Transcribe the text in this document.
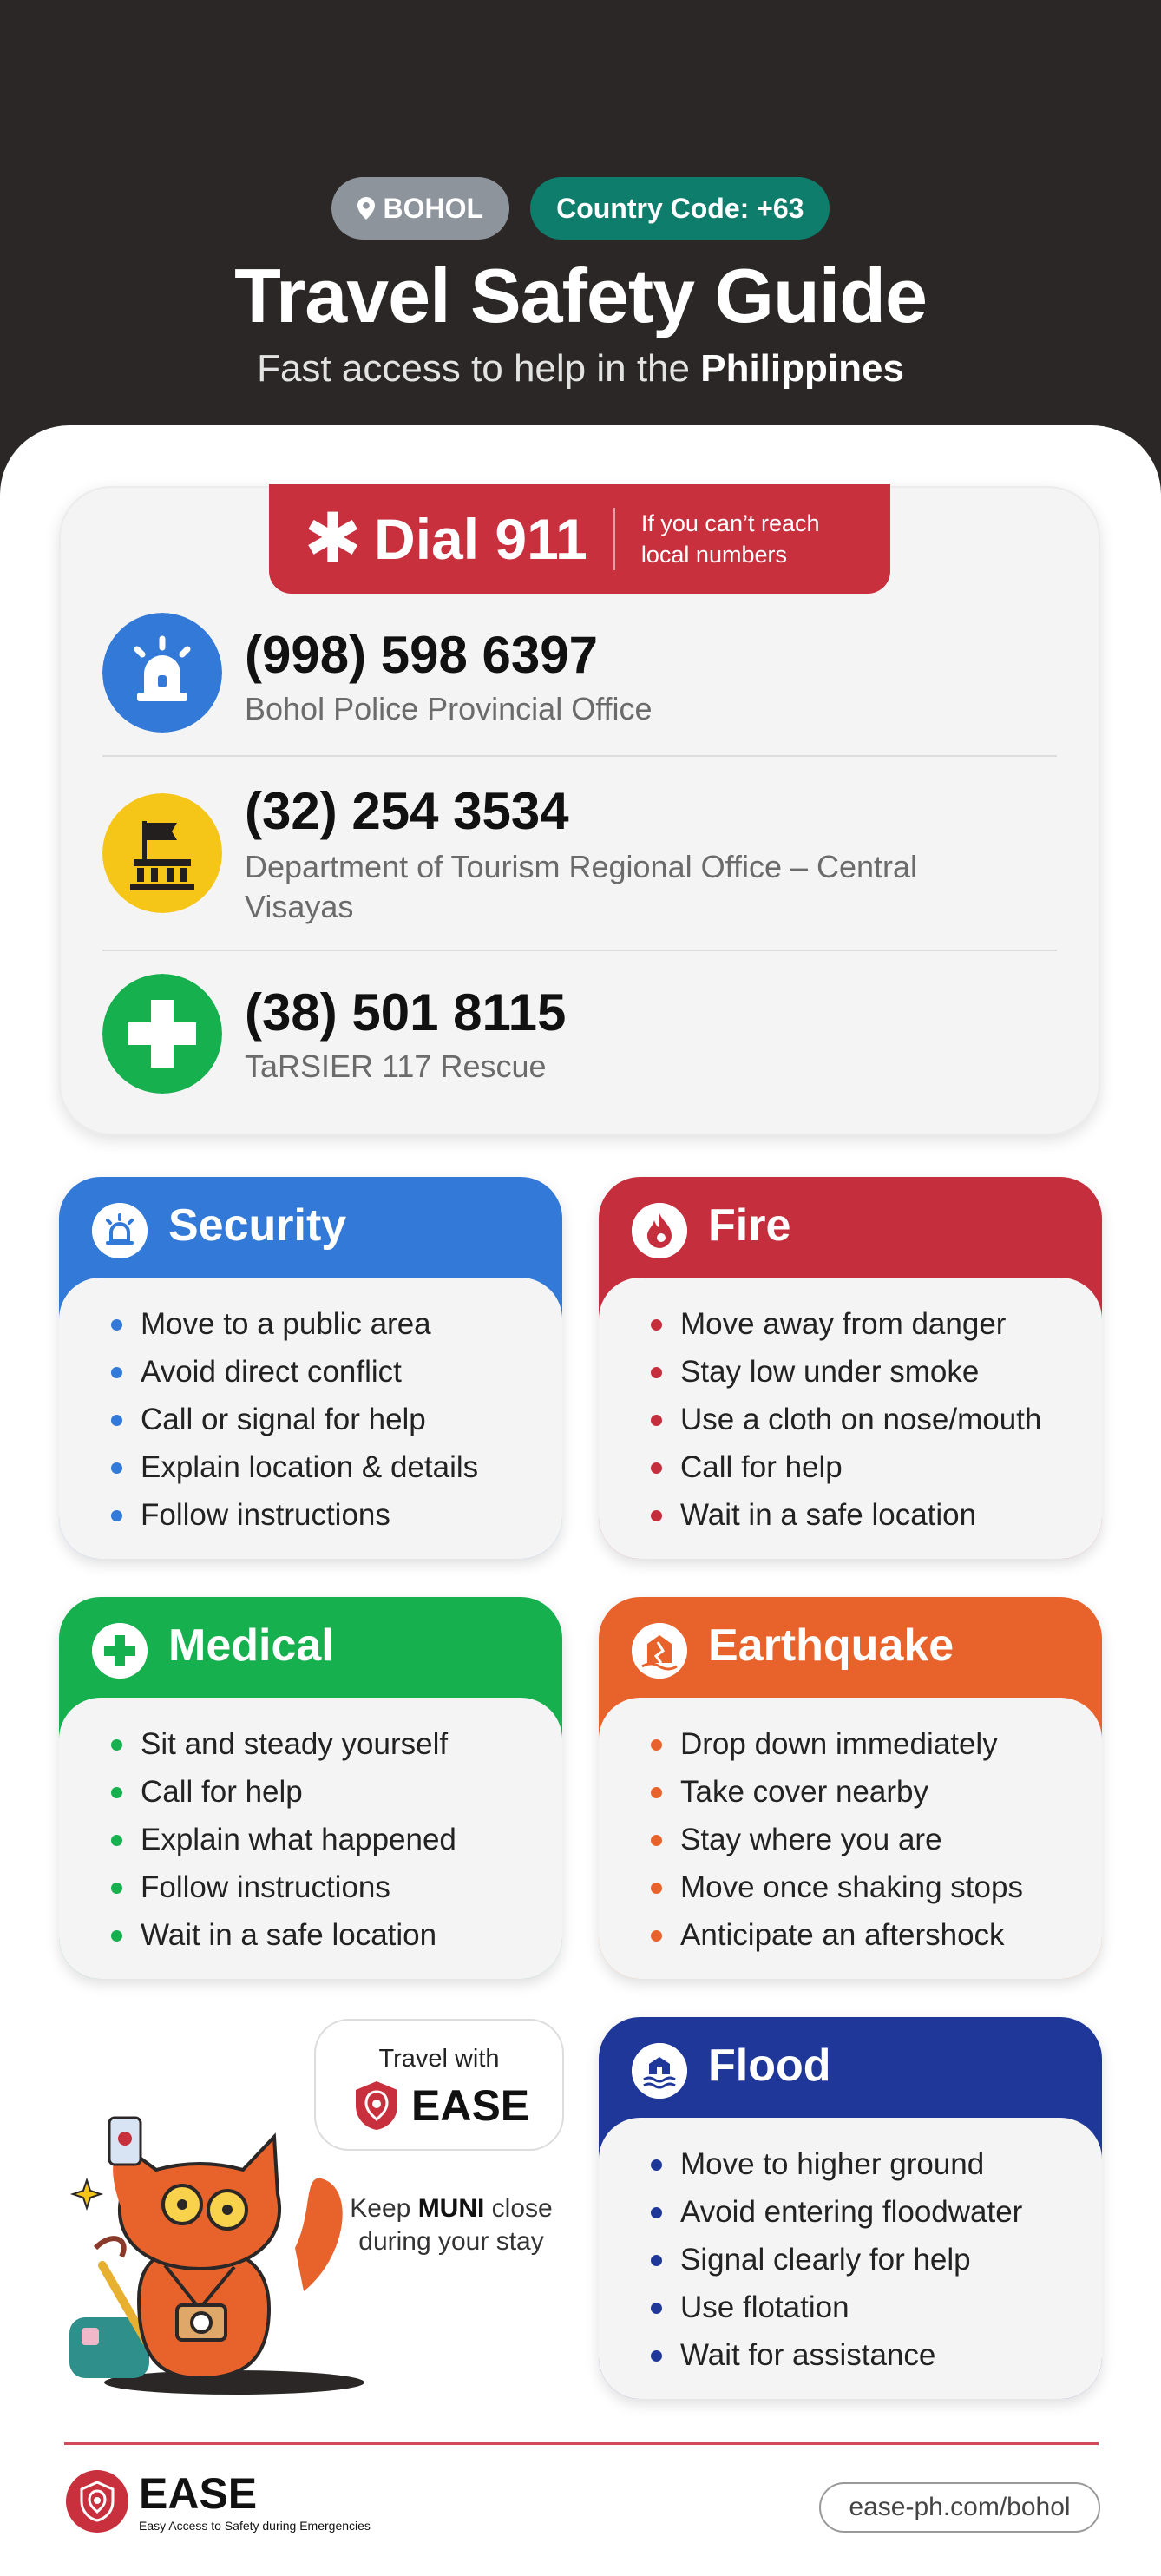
BOHOL	Country Code: +63
Travel Safety Guide
Fast access to help in the Philippines
✱ Dial 911 If you can’t reach
local numbers
(998) 598 6397
Bohol Police Provincial Office
(32) 254 3534
Department of Tourism Regional Office – Central Visayas
(38) 501 8115
TaRSIER 117 Rescue
Security
Move to a public area
Avoid direct conflict
Call or signal for help
Explain location & details
Follow instructions
Fire
Move away from danger
Stay low under smoke
Use a cloth on nose/mouth
Call for help
Wait in a safe location
Medical
Sit and steady yourself
Call for help
Explain what happened
Follow instructions
Wait in a safe location
Earthquake
Drop down immediately
Take cover nearby
Stay where you are
Move once shaking stops
Anticipate an aftershock
Flood
Move to higher ground
Avoid entering floodwater
Signal clearly for help
Use flotation
Wait for assistance
Travel with
EASE
Keep MUNI close during your stay
EASE
Easy Access to Safety during Emergencies
ease-ph.com/bohol
